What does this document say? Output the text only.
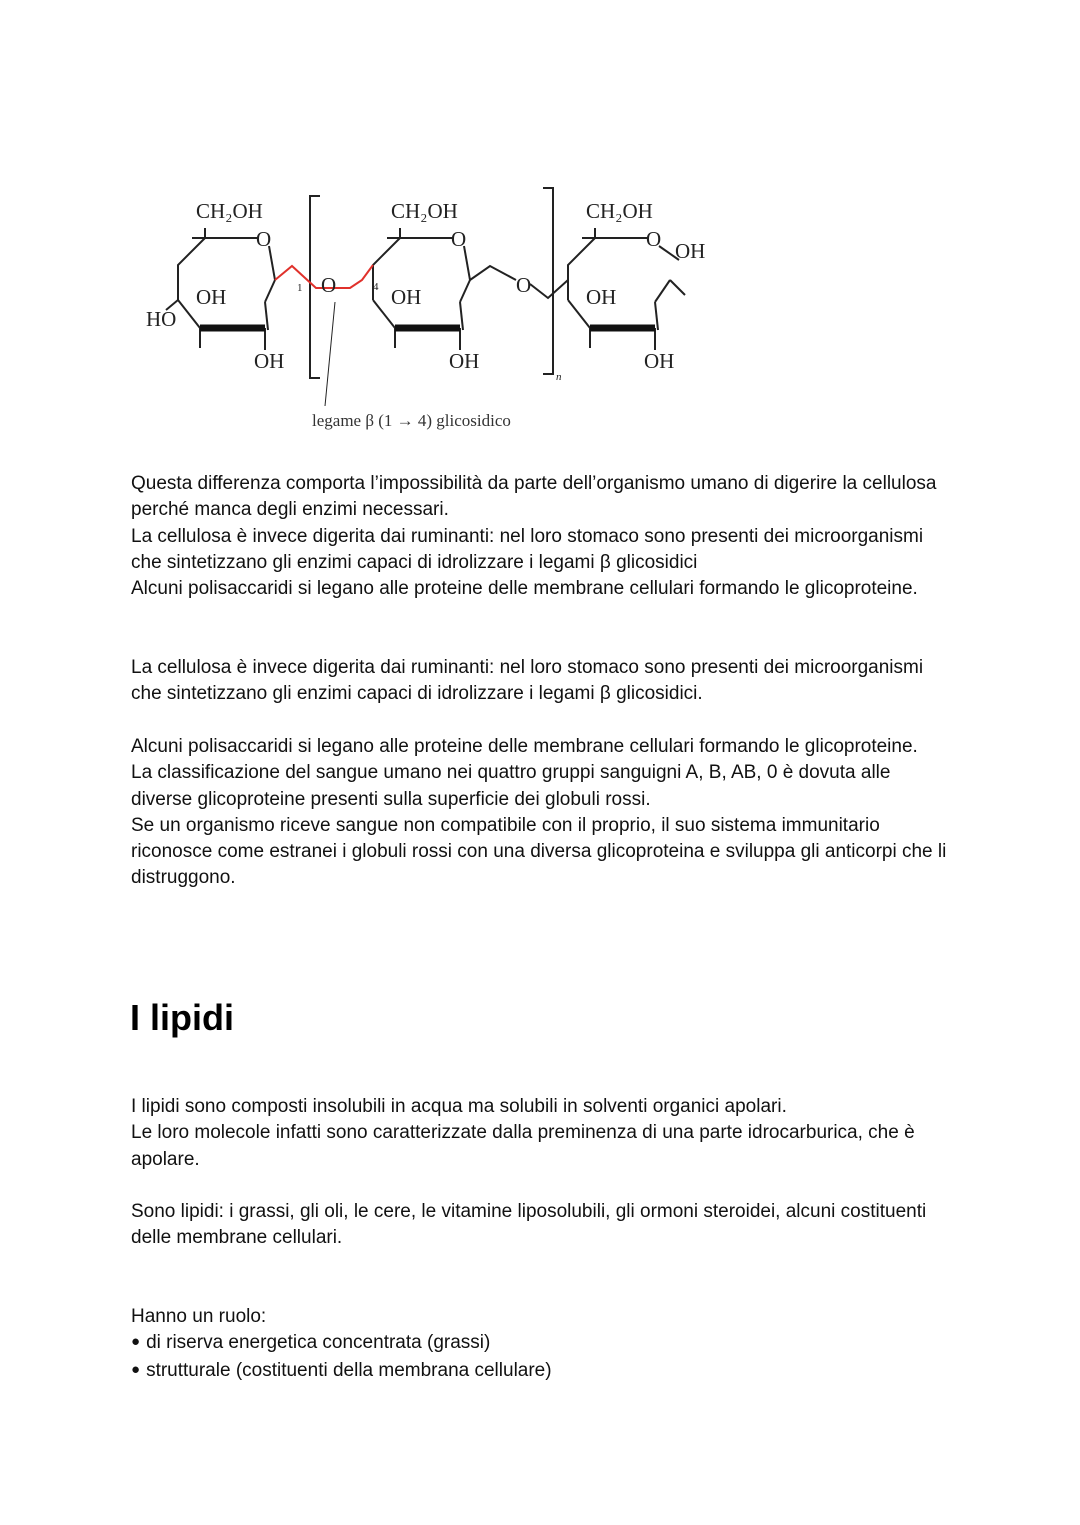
CH₂OH	CH₂OH	CH₂OH
O	O	O OH
OH	OH	OH
HO
OH	OH	OH
O	O
1	4
n
legame β (1 → 4) glicosidico
Questa differenza comporta l’impossibilità da parte dell’organismo umano di digerire la cellulosa perché manca degli enzimi necessari.
La cellulosa è invece digerita dai ruminanti: nel loro stomaco sono presenti dei microorganismi che sintetizzano gli enzimi capaci di idrolizzare i legami β glicosidici
Alcuni polisaccaridi si legano alle proteine delle membrane cellulari formando le glicoproteine.

La cellulosa è invece digerita dai ruminanti: nel loro stomaco sono presenti dei microorganismi che sintetizzano gli enzimi capaci di idrolizzare i legami β glicosidici.

Alcuni polisaccaridi si legano alle proteine delle membrane cellulari formando le glicoproteine.
La classificazione del sangue umano nei quattro gruppi sanguigni A, B, AB, 0 è dovuta alle diverse glicoproteine presenti sulla superficie dei globuli rossi.
Se un organismo riceve sangue non compatibile con il proprio, il suo sistema immunitario riconosce come estranei i globuli rossi con una diversa glicoproteina e sviluppa gli anticorpi che li distruggono.
I lipidi
I lipidi sono composti insolubili in acqua ma solubili in solventi organici apolari.
Le loro molecole infatti sono caratterizzate dalla preminenza di una parte idrocarburica, che è apolare.

Sono lipidi: i grassi, gli oli, le cere, le vitamine liposolubili, gli ormoni steroidei, alcuni costituenti delle membrane cellulari.

Hanno un ruolo:
● di riserva energetica concentrata (grassi)
● strutturale (costituenti della membrana cellulare)
